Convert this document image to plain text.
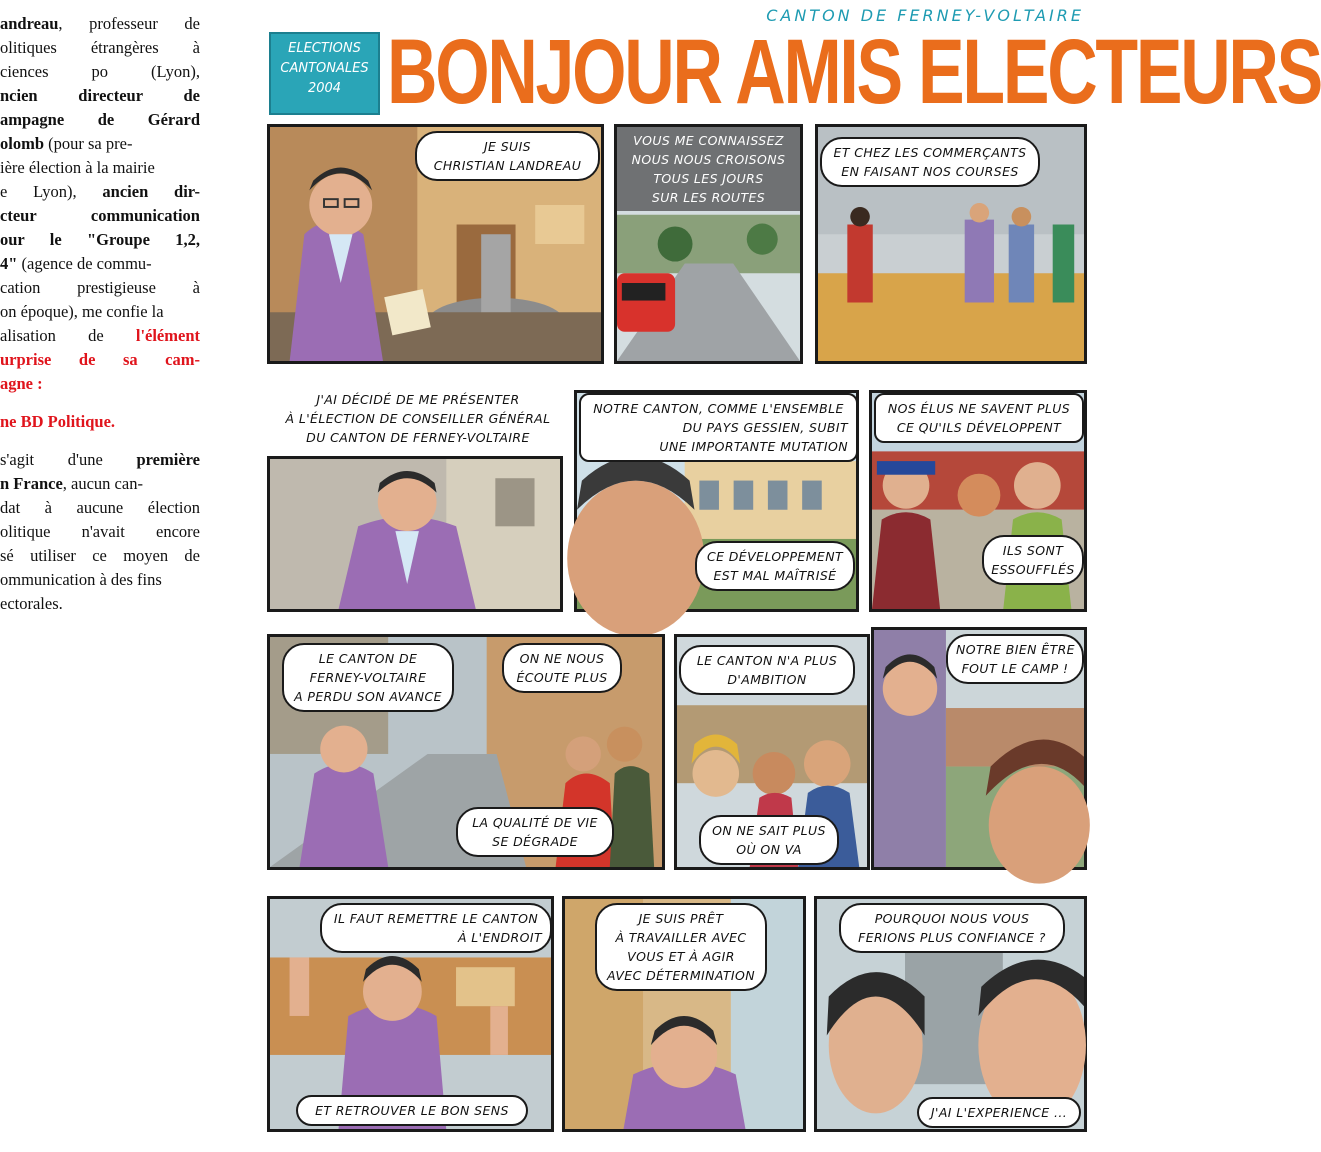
andreau, professeur de
olitiques étrangères à
ciences po (Lyon),
ncien directeur de
ampagne de Gérard
olomb (pour sa pre-
ière élection à la mairie
e Lyon), ancien dir-
cteur communication
our le "Groupe 1,2,
4" (agence de commu-
cation prestigieuse à
on époque), me confie la
alisation de l'élément
urprise de sa cam-
agne :
ne BD Politique.
s'agit d'une première
n France, aucun can-
dat à aucune élection
olitique n'avait encore
sé utiliser ce moyen de
ommunication à des fins
ectorales.
CANTON DE FERNEY-VOLTAIRE
ELECTIONS
CANTONALES
2004 BONJOUR AMIS ELECTEURS
JE SUIS
CHRISTIAN LANDREAU
VOUS ME CONNAISSEZ
NOUS NOUS CROISONS
TOUS LES JOURS
SUR LES ROUTES
ET CHEZ LES COMMERÇANTS
EN FAISANT NOS COURSES
J'AI DÉCIDÉ DE ME PRÉSENTER
À L'ÉLECTION DE CONSEILLER GÉNÉRAL
DU CANTON DE FERNEY-VOLTAIRE
NOTRE CANTON, COMME L'ENSEMBLE
DU PAYS GESSIEN, SUBIT
UNE IMPORTANTE MUTATION
CE DÉVELOPPEMENT
EST MAL MAÎTRISÉ
NOS ÉLUS NE SAVENT PLUS
CE QU'ILS DÉVELOPPENT
ILS SONT
ESSOUFFLÉS
LE CANTON DE
FERNEY-VOLTAIRE
A PERDU SON AVANCE
ON NE NOUS
ÉCOUTE PLUS
LA QUALITÉ DE VIE
SE DÉGRADE
LE CANTON N'A PLUS
D'AMBITION
ON NE SAIT PLUS
OÙ ON VA
NOTRE BIEN ÊTRE
FOUT LE CAMP !
IL FAUT REMETTRE LE CANTON
À L'ENDROIT
ET RETROUVER LE BON SENS
JE SUIS PRÊT
À TRAVAILLER AVEC
VOUS ET À AGIR
AVEC DÉTERMINATION
POURQUOI NOUS VOUS
FERIONS PLUS CONFIANCE ?
J'AI L'EXPERIENCE ...
